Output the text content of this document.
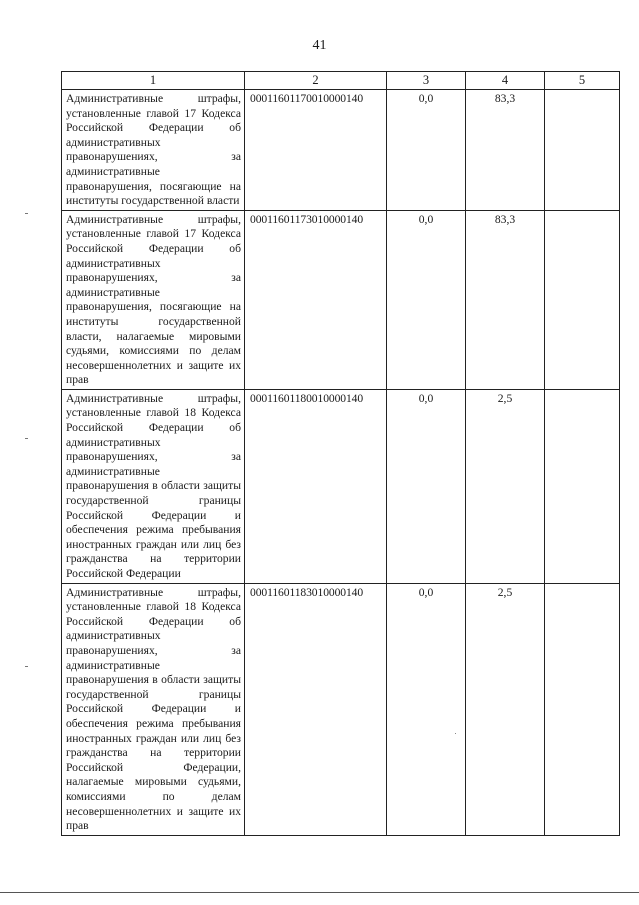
41
1	2	3	4	5
Административные штрафы, установленные главой 17 Кодекса Российской Федерации об административных правонарушениях, за административные правонарушения, посягающие на институты государственной власти	00011601170010000140	0,0	83,3	
Административные штрафы, установленные главой 17 Кодекса Российской Федерации об административных правонарушениях, за административные правонарушения, посягающие на институты государственной власти, налагаемые мировыми судьями, комиссиями по делам несовершеннолетних и защите их прав	00011601173010000140	0,0	83,3	
Административные штрафы, установленные главой 18 Кодекса Российской Федерации об административных правонарушениях, за административные правонарушения в области защиты государственной границы Российской Федерации и обеспечения режима пребывания иностранных граждан или лиц без гражданства на территории Российской Федерации	00011601180010000140	0,0	2,5	
Административные штрафы, установленные главой 18 Кодекса Российской Федерации об административных правонарушениях, за административные правонарушения в области защиты государственной границы Российской Федерации и обеспечения режима пребывания иностранных граждан или лиц без гражданства на территории Российской Федерации, налагаемые мировыми судьями, комиссиями по делам несовершеннолетних и защите их прав	00011601183010000140	0,0	2,5	
